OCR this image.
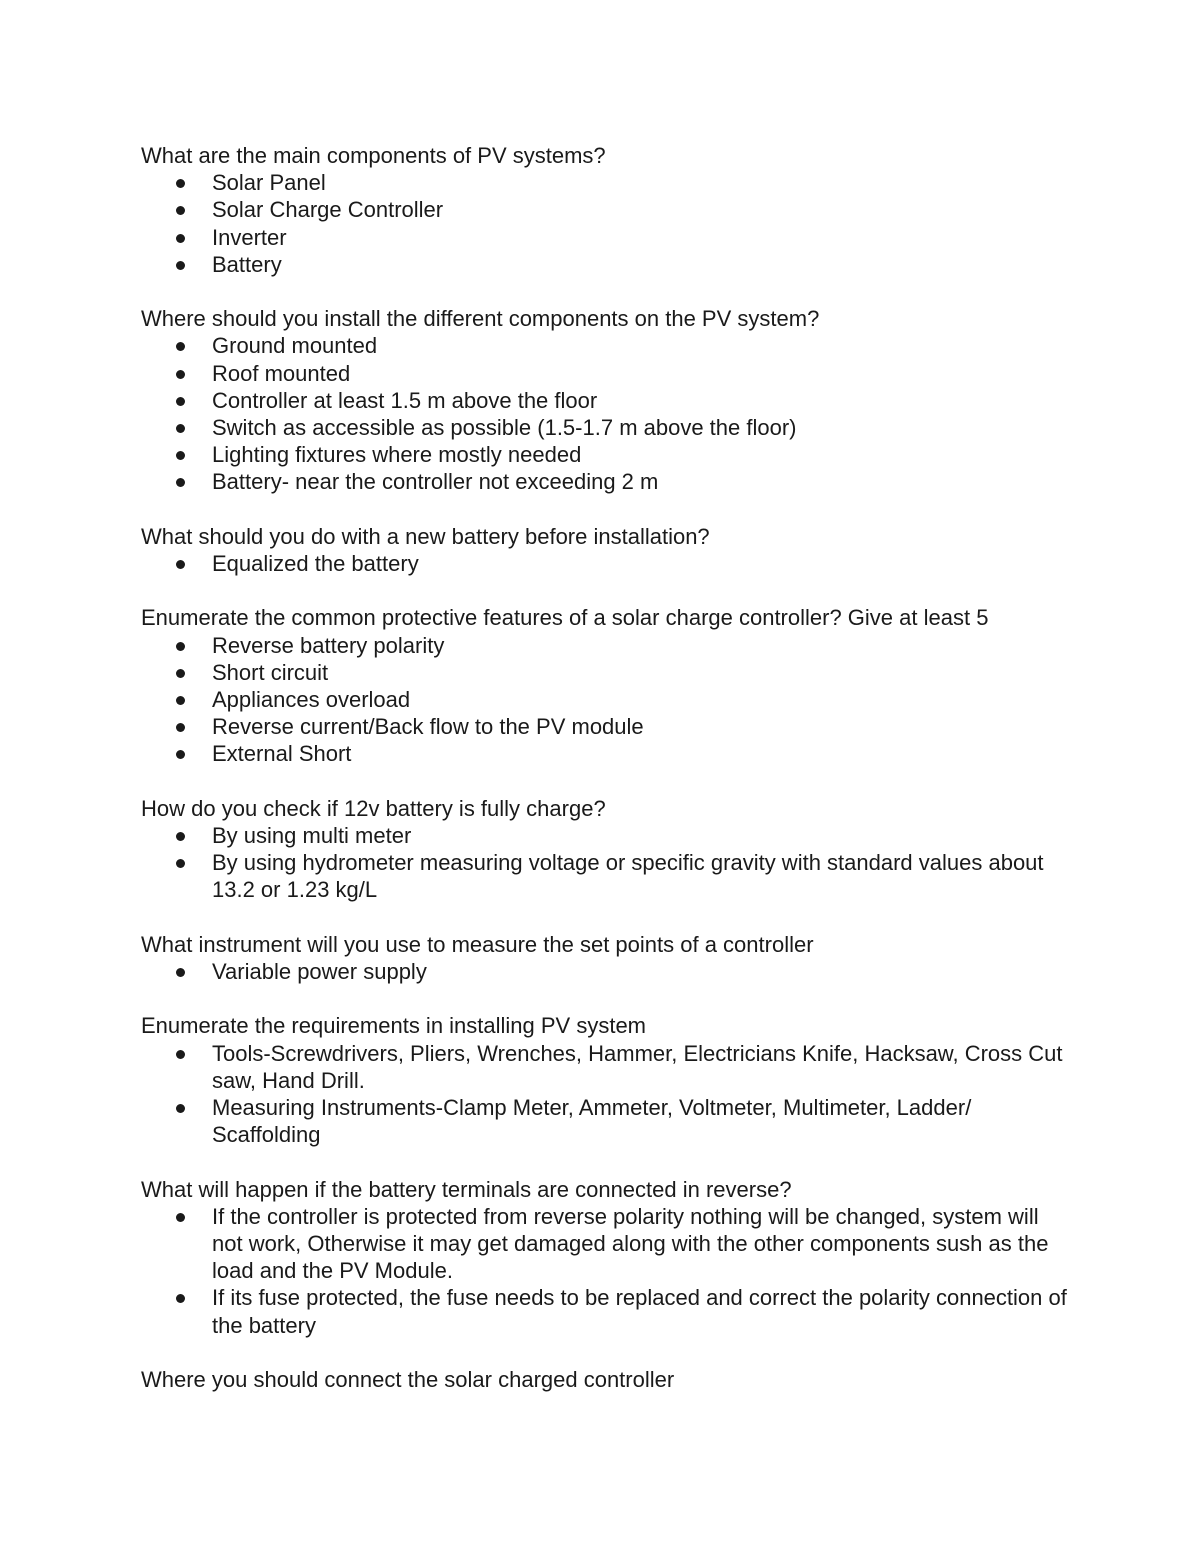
What are the main components of PV systems?

Solar Panel
Solar Charge Controller
Inverter
Battery

Where should you install the different components on the PV system?

Ground mounted
Roof mounted
Controller at least 1.5 m above the floor
Switch as accessible as possible (1.5-1.7 m above the floor)
Lighting fixtures where mostly needed
Battery- near the controller not exceeding 2 m

What should you do with a new battery before installation?

Equalized the battery

Enumerate the common protective features of a solar charge controller? Give at least 5

Reverse battery polarity
Short circuit
Appliances overload
Reverse current/Back flow to the PV module
External Short

How do you check if 12v battery is fully charge?

By using multi meter
By using hydrometer measuring voltage or specific gravity with standard values about 13.2 or 1.23 kg/L

What instrument will you use to measure the set points of a controller

Variable power supply

Enumerate the requirements in installing PV system

Tools-Screwdrivers, Pliers, Wrenches, Hammer, Electricians Knife, Hacksaw, Cross Cut saw, Hand Drill.
Measuring Instruments-Clamp Meter, Ammeter, Voltmeter, Multimeter, Ladder/ Scaffolding

What will happen if the battery terminals are connected in reverse?

If the controller is protected from reverse polarity nothing will be changed, system will not work, Otherwise it may get damaged along with the other components sush as the load and the PV Module.
If its fuse protected, the fuse needs to be replaced and correct the polarity connection of the battery

Where you should connect the solar charged controller
